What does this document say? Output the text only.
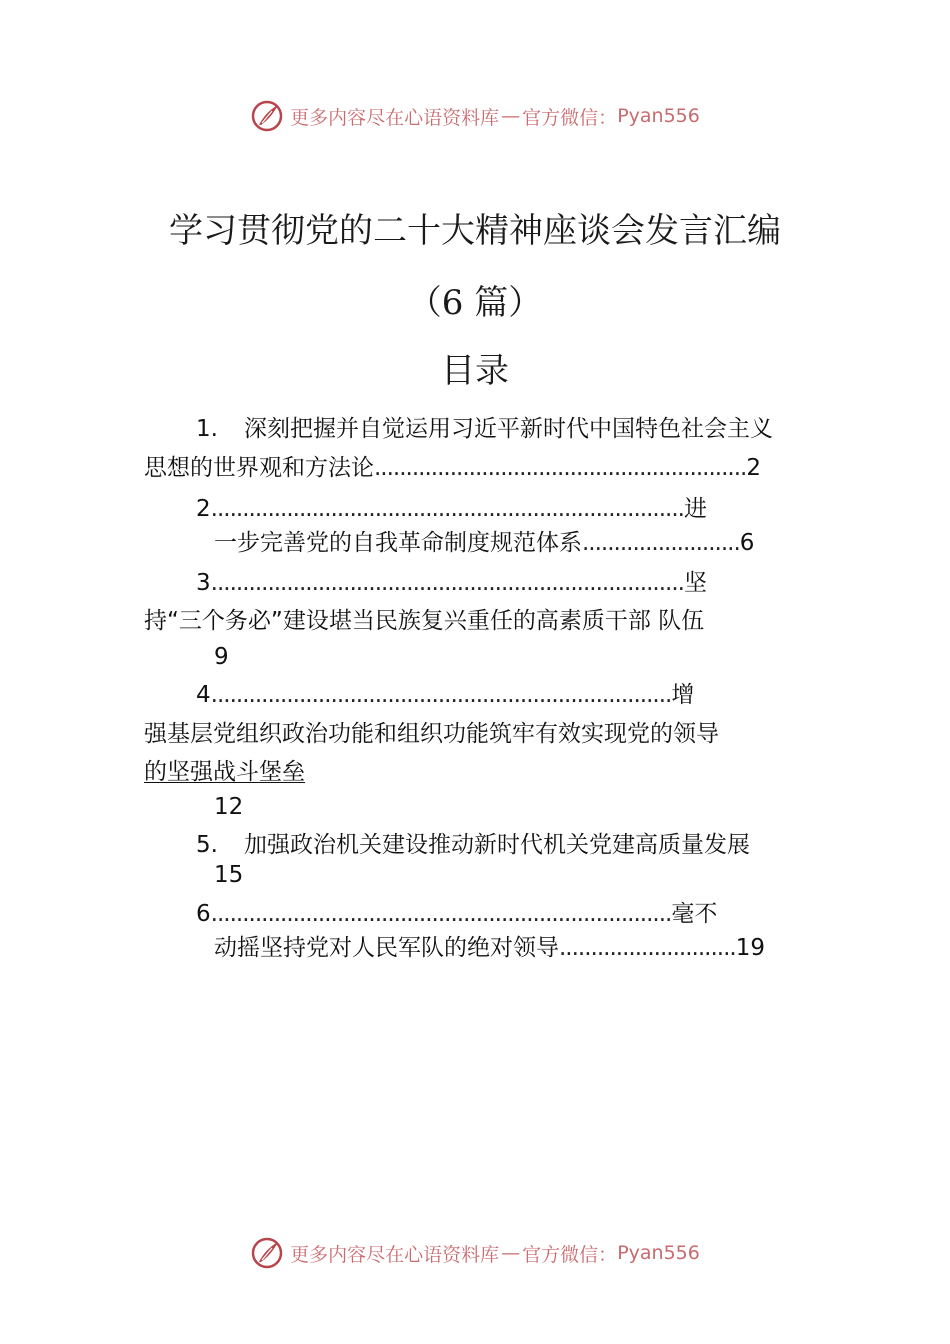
更多内容尽在心语资料库 — 官方微信： Pyan556
学习贯彻党的二十大精神座谈会发言汇编
（6 篇）
目录
1. 深刻把握并自觉运用习近平新时代中国特色社会主义
思想的世界观和方法论...........................................................2
2...........................................................................进
一步完善党的自我革命制度规范体系.........................6
3...........................................................................坚
持“三个务必”建设堪当民族复兴重任的高素质干部 队伍
9
4.........................................................................增
强基层党组织政治功能和组织功能筑牢有效实现党的领导
的坚强战斗堡垒
12
5. 加强政治机关建设推动新时代机关党建高质量发展
15
6.........................................................................毫不
动摇坚持党对人民军队的绝对领导............................19
更多内容尽在心语资料库 — 官方微信： Pyan556
